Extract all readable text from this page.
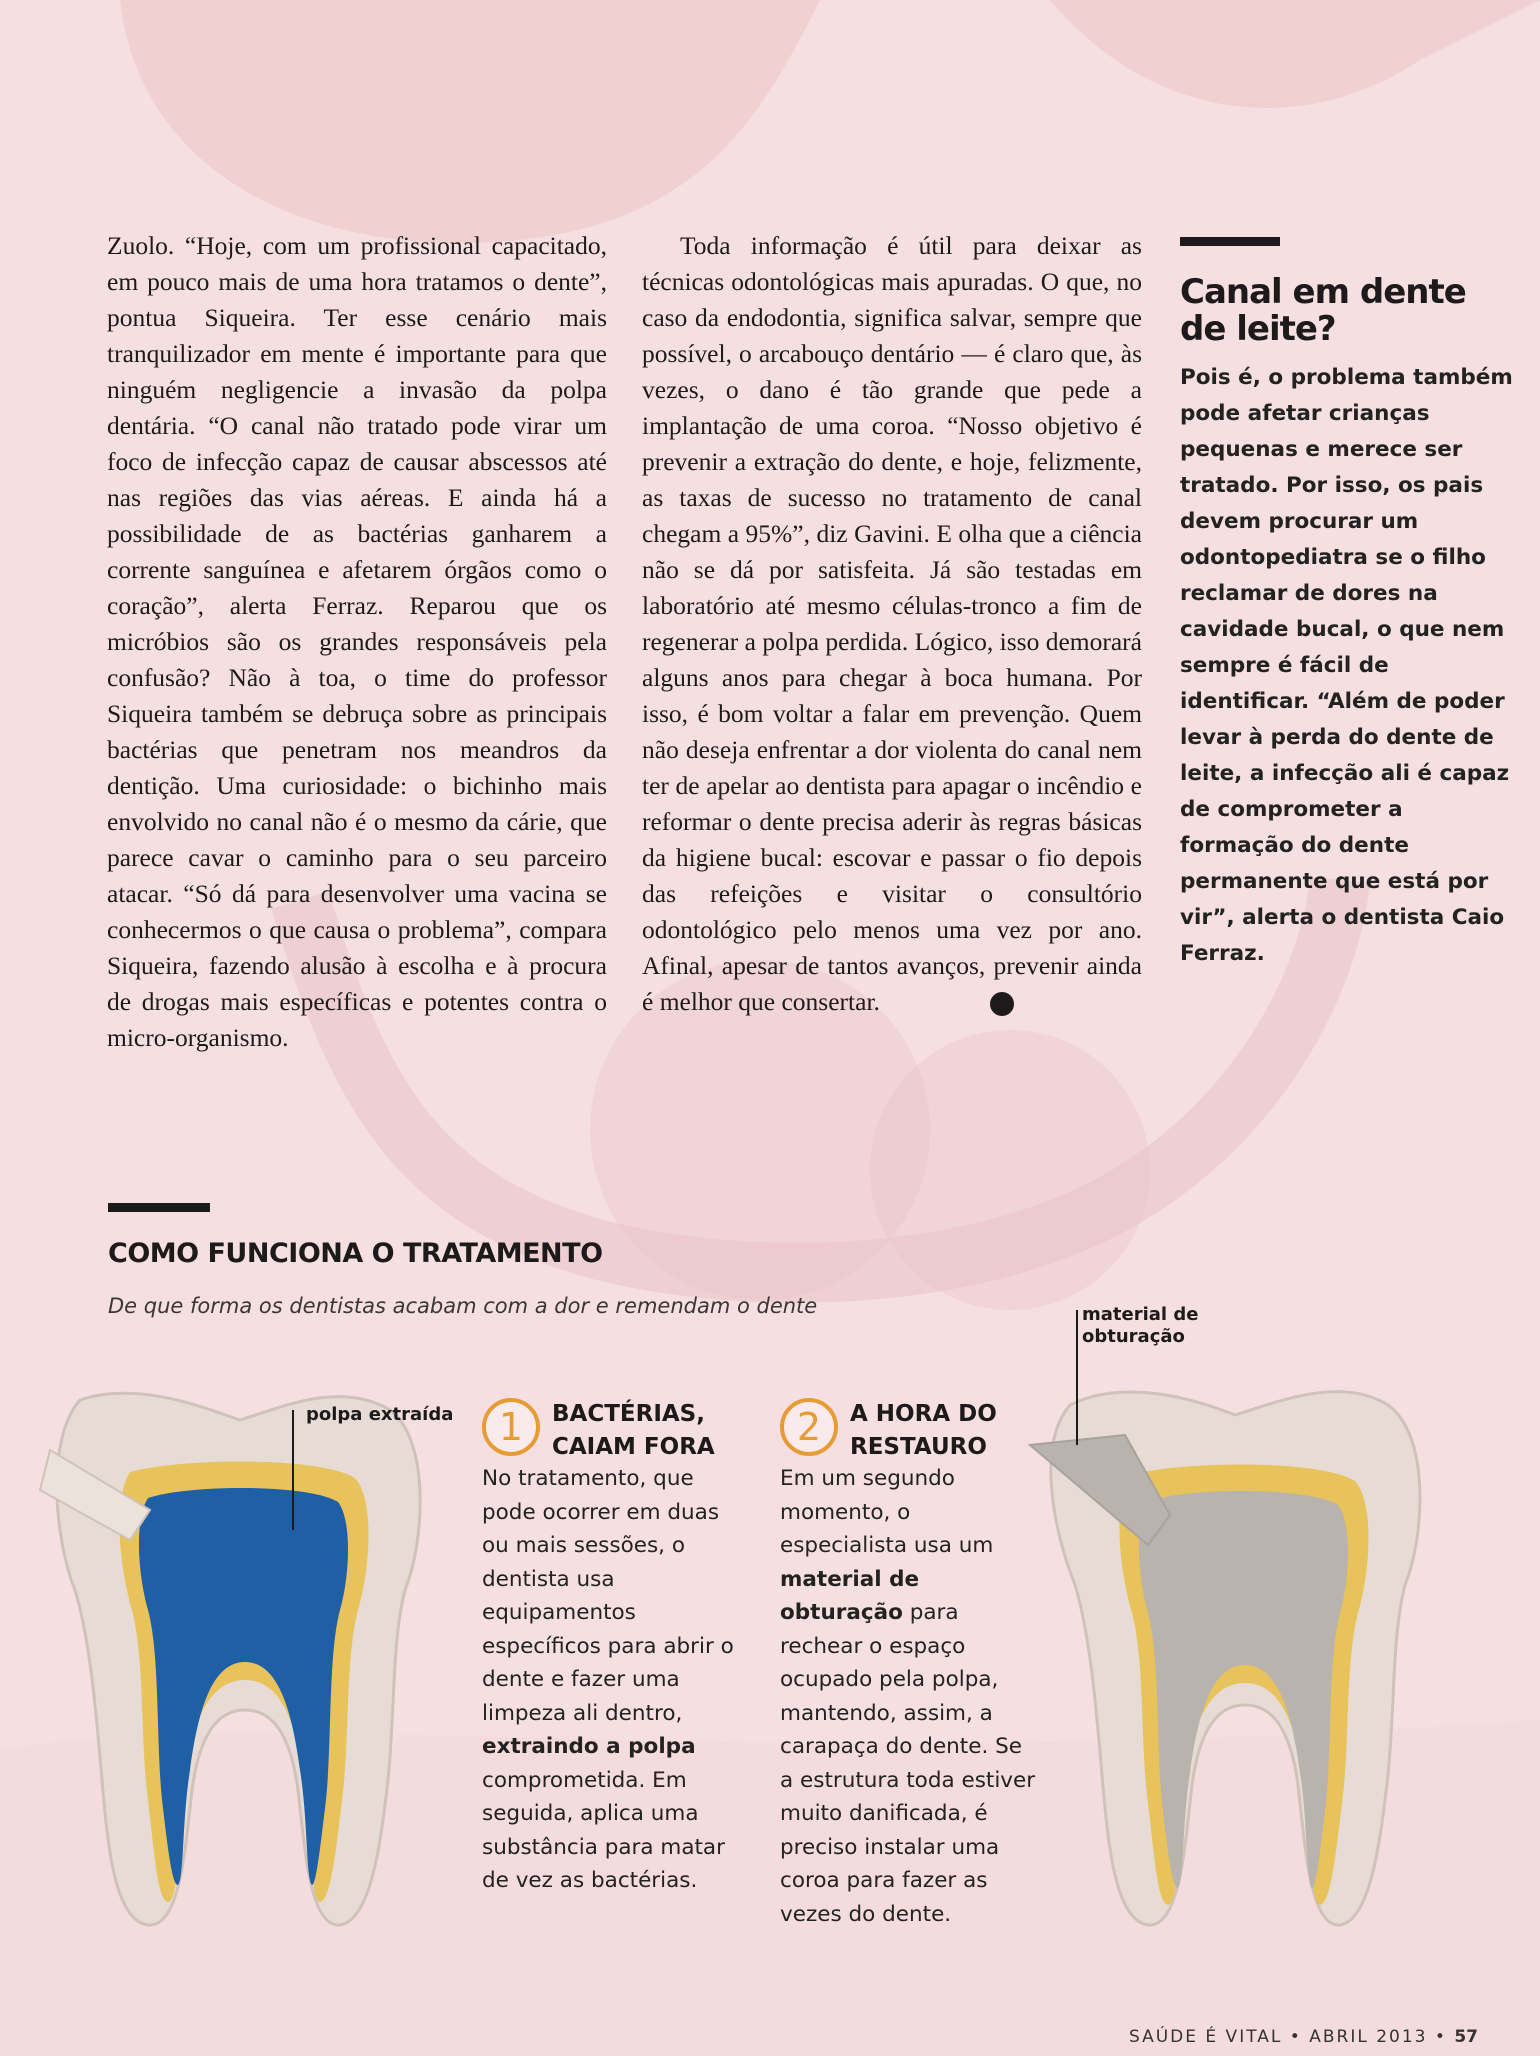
Zuolo. “Hoje, com um profissional capacitado, em pouco mais de uma hora tratamos o dente”, pontua Siqueira. Ter esse cenário mais tranquilizador em mente é importante para que ninguém negligencie a invasão da polpa dentária. “O canal não tratado pode virar um foco de infecção capaz de causar abscessos até nas regiões das vias aéreas. E ainda há a possibilidade de as bactérias ganharem a corrente sanguínea e afetarem órgãos como o coração”, alerta Ferraz. Reparou que os micróbios são os grandes responsáveis pela confusão? Não à toa, o time do professor Siqueira também se debruça sobre as principais bactérias que penetram nos meandros da dentição. Uma curiosidade: o bichinho mais envolvido no canal não é o mesmo da cárie, que parece cavar o caminho para o seu parceiro atacar. “Só dá para desenvolver uma vacina se conhecermos o que causa o problema”, compara Siqueira, fazendo alusão à escolha e à procura de drogas mais específicas e potentes contra o micro-organismo.

Toda informação é útil para deixar as técnicas odontológicas mais apuradas. O que, no caso da endodontia, significa salvar, sempre que possível, o arcabouço dentário — é claro que, às vezes, o dano é tão grande que pede a implantação de uma coroa. “Nosso objetivo é prevenir a extração do dente, e hoje, felizmente, as taxas de sucesso no tratamento de canal chegam a 95%”, diz Gavini. E olha que a ciência não se dá por satisfeita. Já são testadas em laboratório até mesmo células-tronco a fim de regenerar a polpa perdida. Lógico, isso demorará alguns anos para chegar à boca humana. Por isso, é bom voltar a falar em prevenção. Quem não deseja enfrentar a dor violenta do canal nem ter de apelar ao dentista para apagar o incêndio e reformar o dente precisa aderir às regras básicas da higiene bucal: escovar e passar o fio depois das refeições e visitar o consultório odontológico pelo menos uma vez por ano. Afinal, apesar de tantos avanços, prevenir ainda é melhor que consertar.

Canal em dente de leite?

Pois é, o problema também pode afetar crianças pequenas e merece ser tratado. Por isso, os pais devem procurar um odontopediatra se o filho reclamar de dores na cavidade bucal, o que nem sempre é fácil de identificar. “Além de poder levar à perda do dente de leite, a infecção ali é capaz de comprometer a formação do dente permanente que está por vir”, alerta o dentista Caio Ferraz.

COMO FUNCIONA O TRATAMENTO

De que forma os dentistas acabam com a dor e remendam o dente

polpa extraída
material de obturação
1	BACTÉRIAS, CAIAM FORA
No tratamento, que pode ocorrer em duas ou mais sessões, o dentista usa equipamentos específicos para abrir o dente e fazer uma limpeza ali dentro, extraindo a polpa comprometida. Em seguida, aplica uma substância para matar de vez as bactérias.
2	A HORA DO RESTAURO
Em um segundo momento, o especialista usa um material de obturação para rechear o espaço ocupado pela polpa, mantendo, assim, a carapaça do dente. Se a estrutura toda estiver muito danificada, é preciso instalar uma coroa para fazer as vezes do dente.
SAÚDE É VITAL • ABRIL 2013 • 57
